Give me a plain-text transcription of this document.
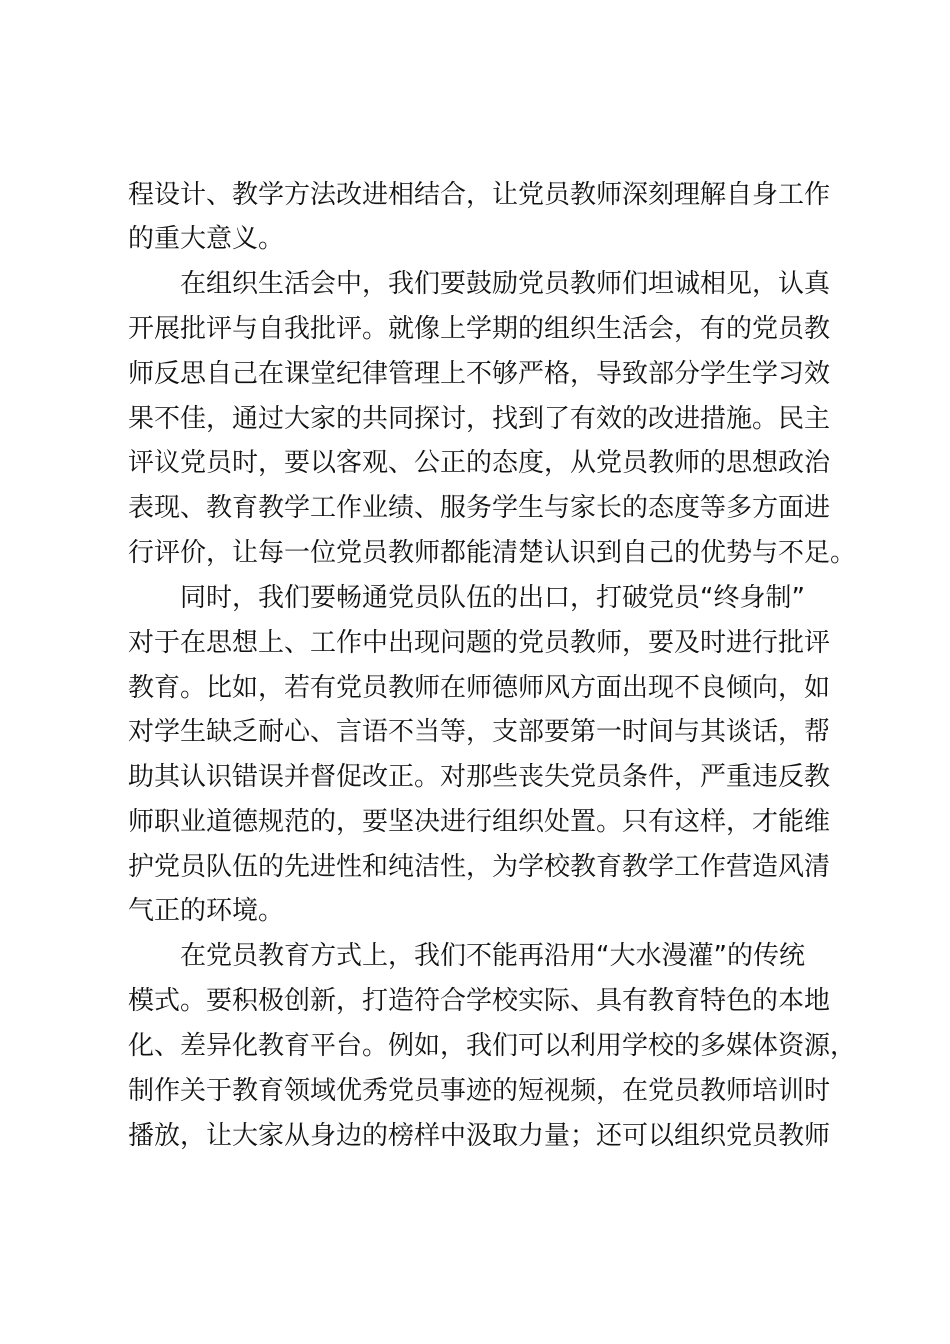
程设计、教学方法改进相结合，让党员教师深刻理解自身工作
的重大意义。
在组织生活会中，我们要鼓励党员教师们坦诚相见，认真
开展批评与自我批评。就像上学期的组织生活会，有的党员教
师反思自己在课堂纪律管理上不够严格，导致部分学生学习效
果不佳，通过大家的共同探讨，找到了有效的改进措施。民主
评议党员时，要以客观、公正的态度，从党员教师的思想政治
表现、教育教学工作业绩、服务学生与家长的态度等多方面进
行评价，让每一位党员教师都能清楚认识到自己的优势与不足。
同时，我们要畅通党员队伍的出口，打破党员“终身制”
对于在思想上、工作中出现问题的党员教师，要及时进行批评
教育。比如，若有党员教师在师德师风方面出现不良倾向，如
对学生缺乏耐心、言语不当等，支部要第一时间与其谈话，帮
助其认识错误并督促改正。对那些丧失党员条件，严重违反教
师职业道德规范的，要坚决进行组织处置。只有这样，才能维
护党员队伍的先进性和纯洁性，为学校教育教学工作营造风清
气正的环境。
在党员教育方式上，我们不能再沿用“大水漫灌”的传统
模式。要积极创新，打造符合学校实际、具有教育特色的本地
化、差异化教育平台。例如，我们可以利用学校的多媒体资源，
制作关于教育领域优秀党员事迹的短视频，在党员教师培训时
播放，让大家从身边的榜样中汲取力量；还可以组织党员教师
